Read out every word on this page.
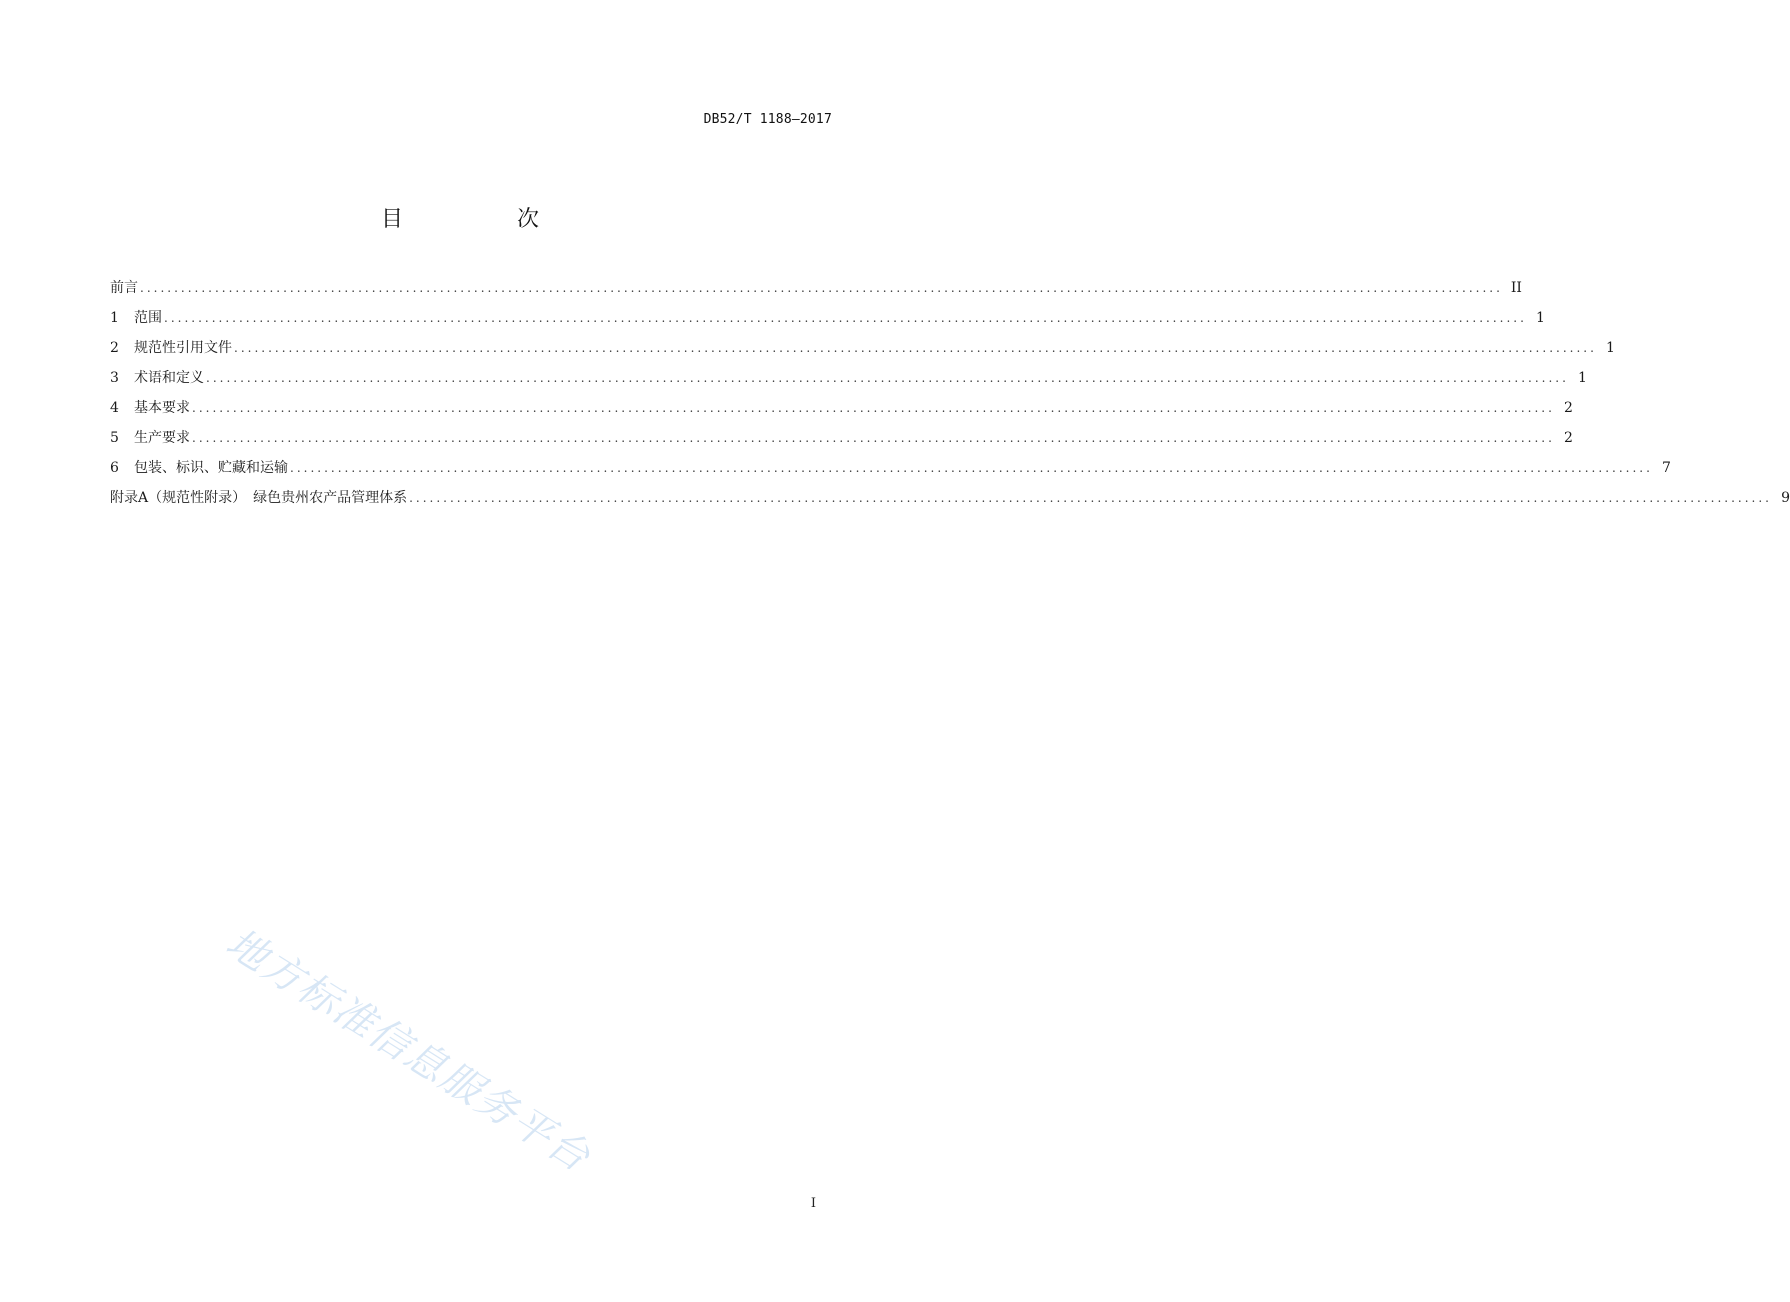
DB52/T 1188—2017
目　次
前言 ........................................................................................................................................................................................................ II
1 范围 ........................................................................................................................................................................................................ 1
2 规范性引用文件 ........................................................................................................................................................................................................ 1
3 术语和定义 ........................................................................................................................................................................................................ 1
4 基本要求 ........................................................................................................................................................................................................ 2
5 生产要求 ........................................................................................................................................................................................................ 2
6 包装、标识、贮藏和运输 ........................................................................................................................................................................................................ 7
附录A（规范性附录）　绿色贵州农产品管理体系 ........................................................................................................................................................................................................ 9
I
地方标准信息服务平台
